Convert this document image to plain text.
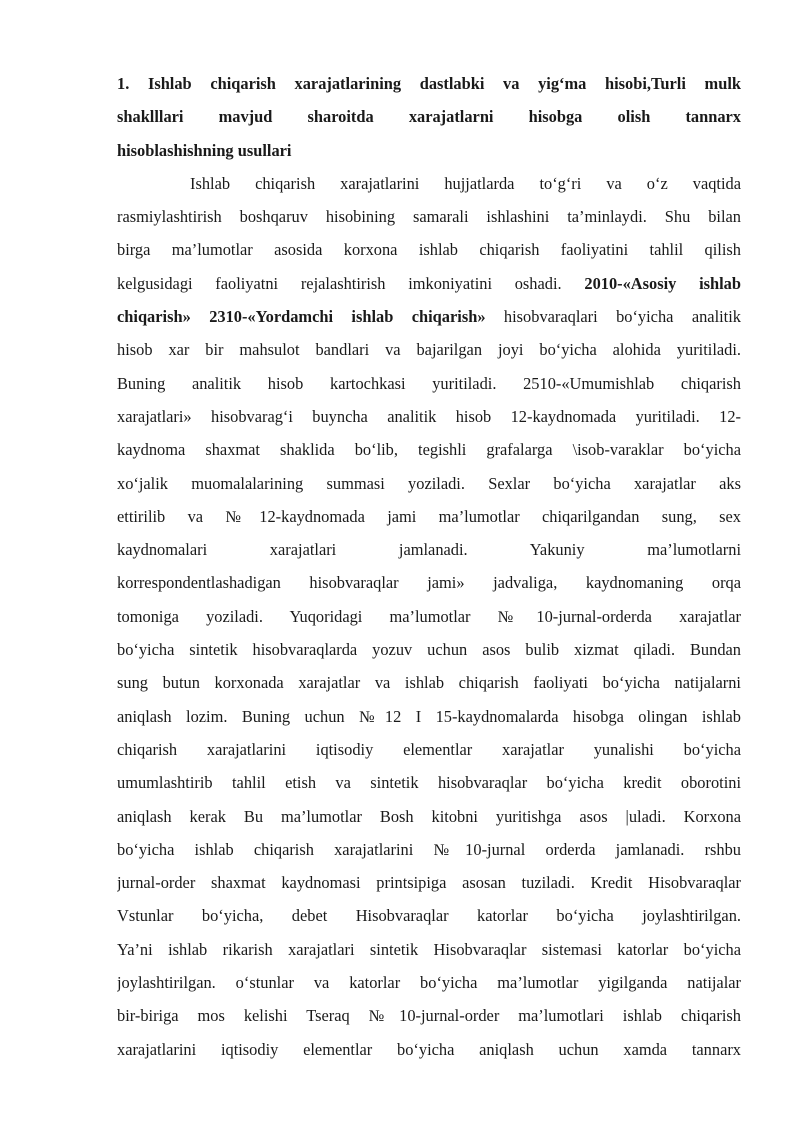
1. Ishlab chiqarish xarajatlarining dastlabki va yig‘ma hisobi,Turli mulk
shaklllari mavjud sharoitda xarajatlarni hisobga olish tannarx
hisoblashishning usullari
Ishlab chiqarish xarajatlarini hujjatlarda to‘g‘ri va o‘z vaqtida
rasmiylashtirish boshqaruv hisobining samarali ishlashini ta’minlaydi. Shu bilan
birga ma’lumotlar asosida korxona ishlab chiqarish faoliyatini tahlil qilish
kelgusidagi faoliyatni rejalashtirish imkoniyatini oshadi. 2010-«Asosiy ishlab
chiqarish» 2310-«Yordamchi ishlab chiqarish» hisobvaraqlari bo‘yicha analitik
hisob xar bir mahsulot bandlari va bajarilgan joyi bo‘yicha alohida yuritiladi.
Buning analitik hisob kartochkasi yuritiladi. 2510-«Umumishlab chiqarish
xarajatlari» hisobvarag‘i buyncha analitik hisob 12-kaydnomada yuritiladi. 12-
kaydnoma shaxmat shaklida bo‘lib, tegishli grafalarga \isob-varaklar bo‘yicha
xo‘jalik muomalalarining summasi yoziladi. Sexlar bo‘yicha xarajatlar aks
ettirilib va №12-kaydnomada jami ma’lumotlar chiqarilgandan sung, sex
kaydnomalari xarajatlari jamlanadi. Yakuniy ma’lumotlarni
korrespondentlashadigan hisobvaraqlar jami» jadvaliga, kaydnomaning orqa
tomoniga yoziladi. Yuqoridagi ma’lumotlar №10-jurnal-orderda xarajatlar
bo‘yicha sintetik hisobvaraqlarda yozuv uchun asos bulib xizmat qiladi. Bundan
sung butun korxonada xarajatlar va ishlab chiqarish faoliyati bo‘yicha natijalarni
aniqlash lozim. Buning uchun №12 I 15-kaydnomalarda hisobga olingan ishlab
chiqarish xarajatlarini iqtisodiy elementlar xarajatlar yunalishi bo‘yicha
umumlashtirib tahlil etish va sintetik hisobvaraqlar bo‘yicha kredit oborotini
aniqlash kerak Bu ma’lumotlar Bosh kitobni yuritishga asos |uladi. Korxona
bo‘yicha ishlab chiqarish xarajatlarini №10-jurnal orderda jamlanadi. rshbu
jurnal-order shaxmat kaydnomasi printsipiga asosan tuziladi. Kredit Hisobvaraqlar
Vstunlar bo‘yicha, debet Hisobvaraqlar katorlar bo‘yicha joylashtirilgan.
Ya’ni ishlab rikarish xarajatlari sintetik Hisobvaraqlar sistemasi katorlar bo‘yicha
joylashtirilgan. o‘stunlar va katorlar bo‘yicha ma’lumotlar yigilganda natijalar
bir-biriga mos kelishi Tseraq №10-jurnal-order ma’lumotlari ishlab chiqarish
xarajatlarini iqtisodiy elementlar bo‘yicha aniqlash uchun xamda tannarx
